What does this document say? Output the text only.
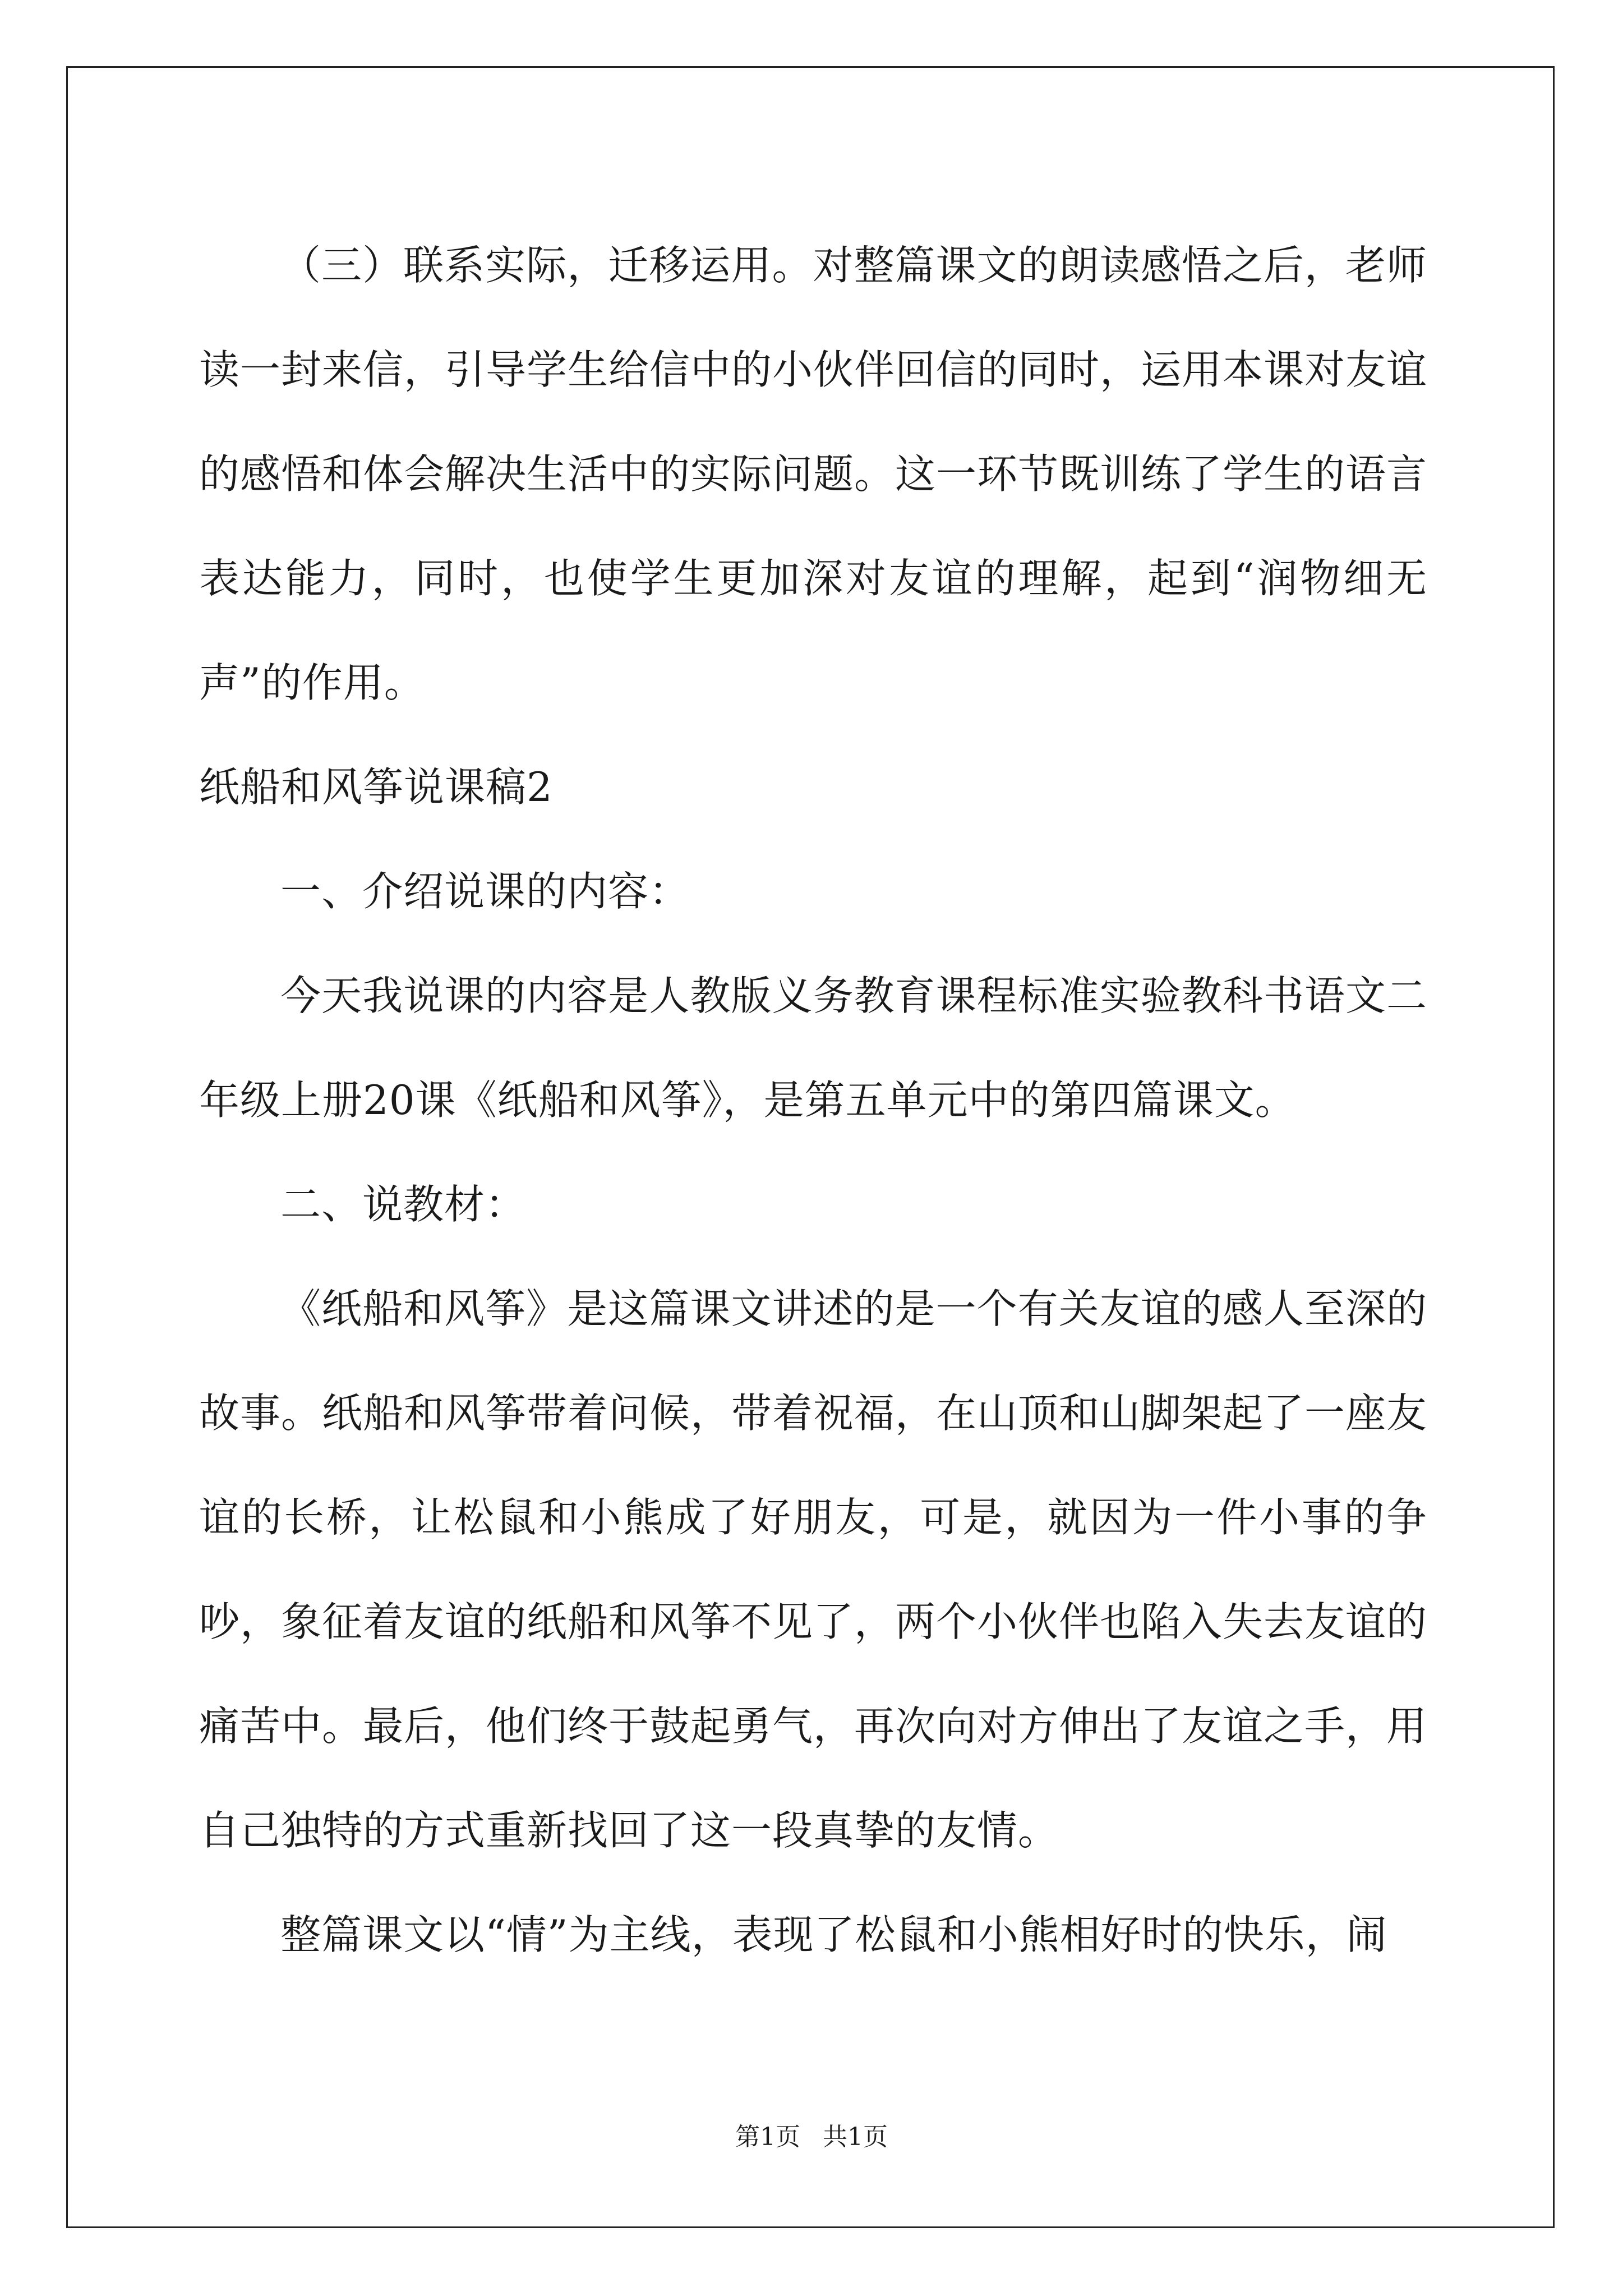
（三）联系实际，迁移运用。对整篇课文的朗读感悟之后，老师读一封来信，引导学生给信中的小伙伴回信的同时，运用本课对友谊的感悟和体会解决生活中的实际问题。这一环节既训练了学生的语言表达能力，同时，也使学生更加深对友谊的理解，起到“润物细无声”的作用。

纸船和风筝说课稿2

一、介绍说课的内容：

今天我说课的内容是人教版义务教育课程标准实验教科书语文二年级上册20课《纸船和风筝》，是第五单元中的第四篇课文。

二、说教材：

《纸船和风筝》是这篇课文讲述的是一个有关友谊的感人至深的故事。纸船和风筝带着问候，带着祝福，在山顶和山脚架起了一座友谊的长桥，让松鼠和小熊成了好朋友，可是，就因为一件小事的争吵，象征着友谊的纸船和风筝不见了，两个小伙伴也陷入失去友谊的痛苦中。最后，他们终于鼓起勇气，再次向对方伸出了友谊之手，用自己独特的方式重新找回了这一段真挚的友情。

整篇课文以“情”为主线，表现了松鼠和小熊相好时的快乐，闹

第1页 共1页
